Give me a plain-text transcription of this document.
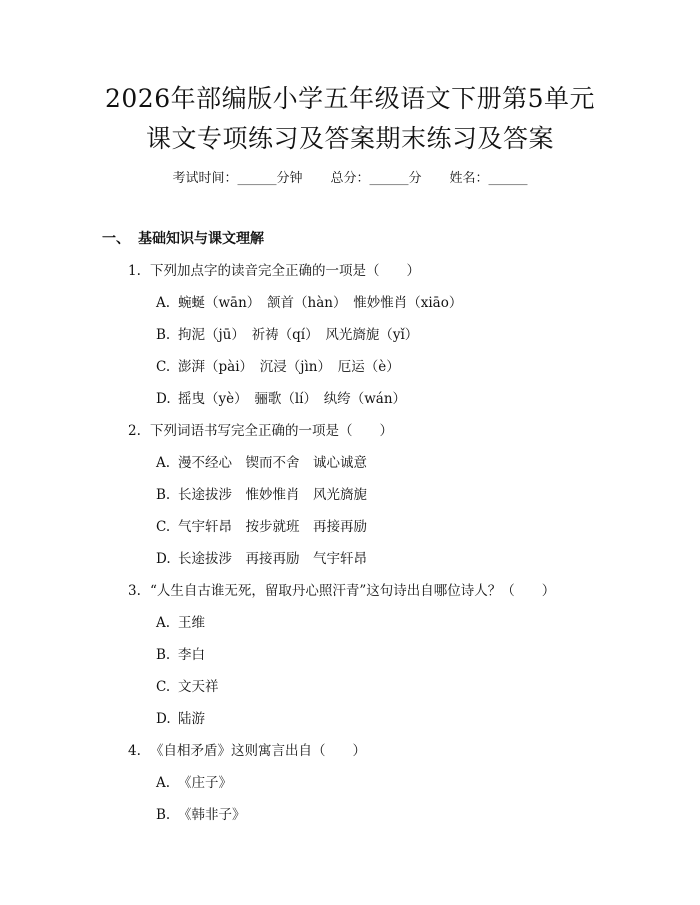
2026年部编版小学五年级语文下册第5单元
课文专项练习及答案期末练习及答案
考试时间：______分钟 总分：______分 姓名：______
一、 基础知识与课文理解
1. 下列加点字的读音完全正确的一项是（　　）
A. 蜿蜒（wān）　颔首（hàn）　惟妙惟肖（xiāo）
B. 拘泥（jū）　祈祷（qí）　风光旖旎（yǐ）
C. 澎湃（pài）　沉浸（jìn）　厄运（è）
D. 摇曳（yè）　骊歌（lí）　纨绔（wán）
2. 下列词语书写完全正确的一项是（　　）
A. 漫不经心　锲而不舍　诚心诚意
B. 长途拔涉　惟妙惟肖　风光旖旎
C. 气宇轩昂　按步就班　再接再励
D. 长途拔涉　再接再励　气宇轩昂
3. “人生自古谁无死，留取丹心照汗青”这句诗出自哪位诗人？（　　）
A. 王维
B. 李白
C. 文天祥
D. 陆游
4. 《自相矛盾》这则寓言出自（　　）
A. 《庄子》
B. 《韩非子》
